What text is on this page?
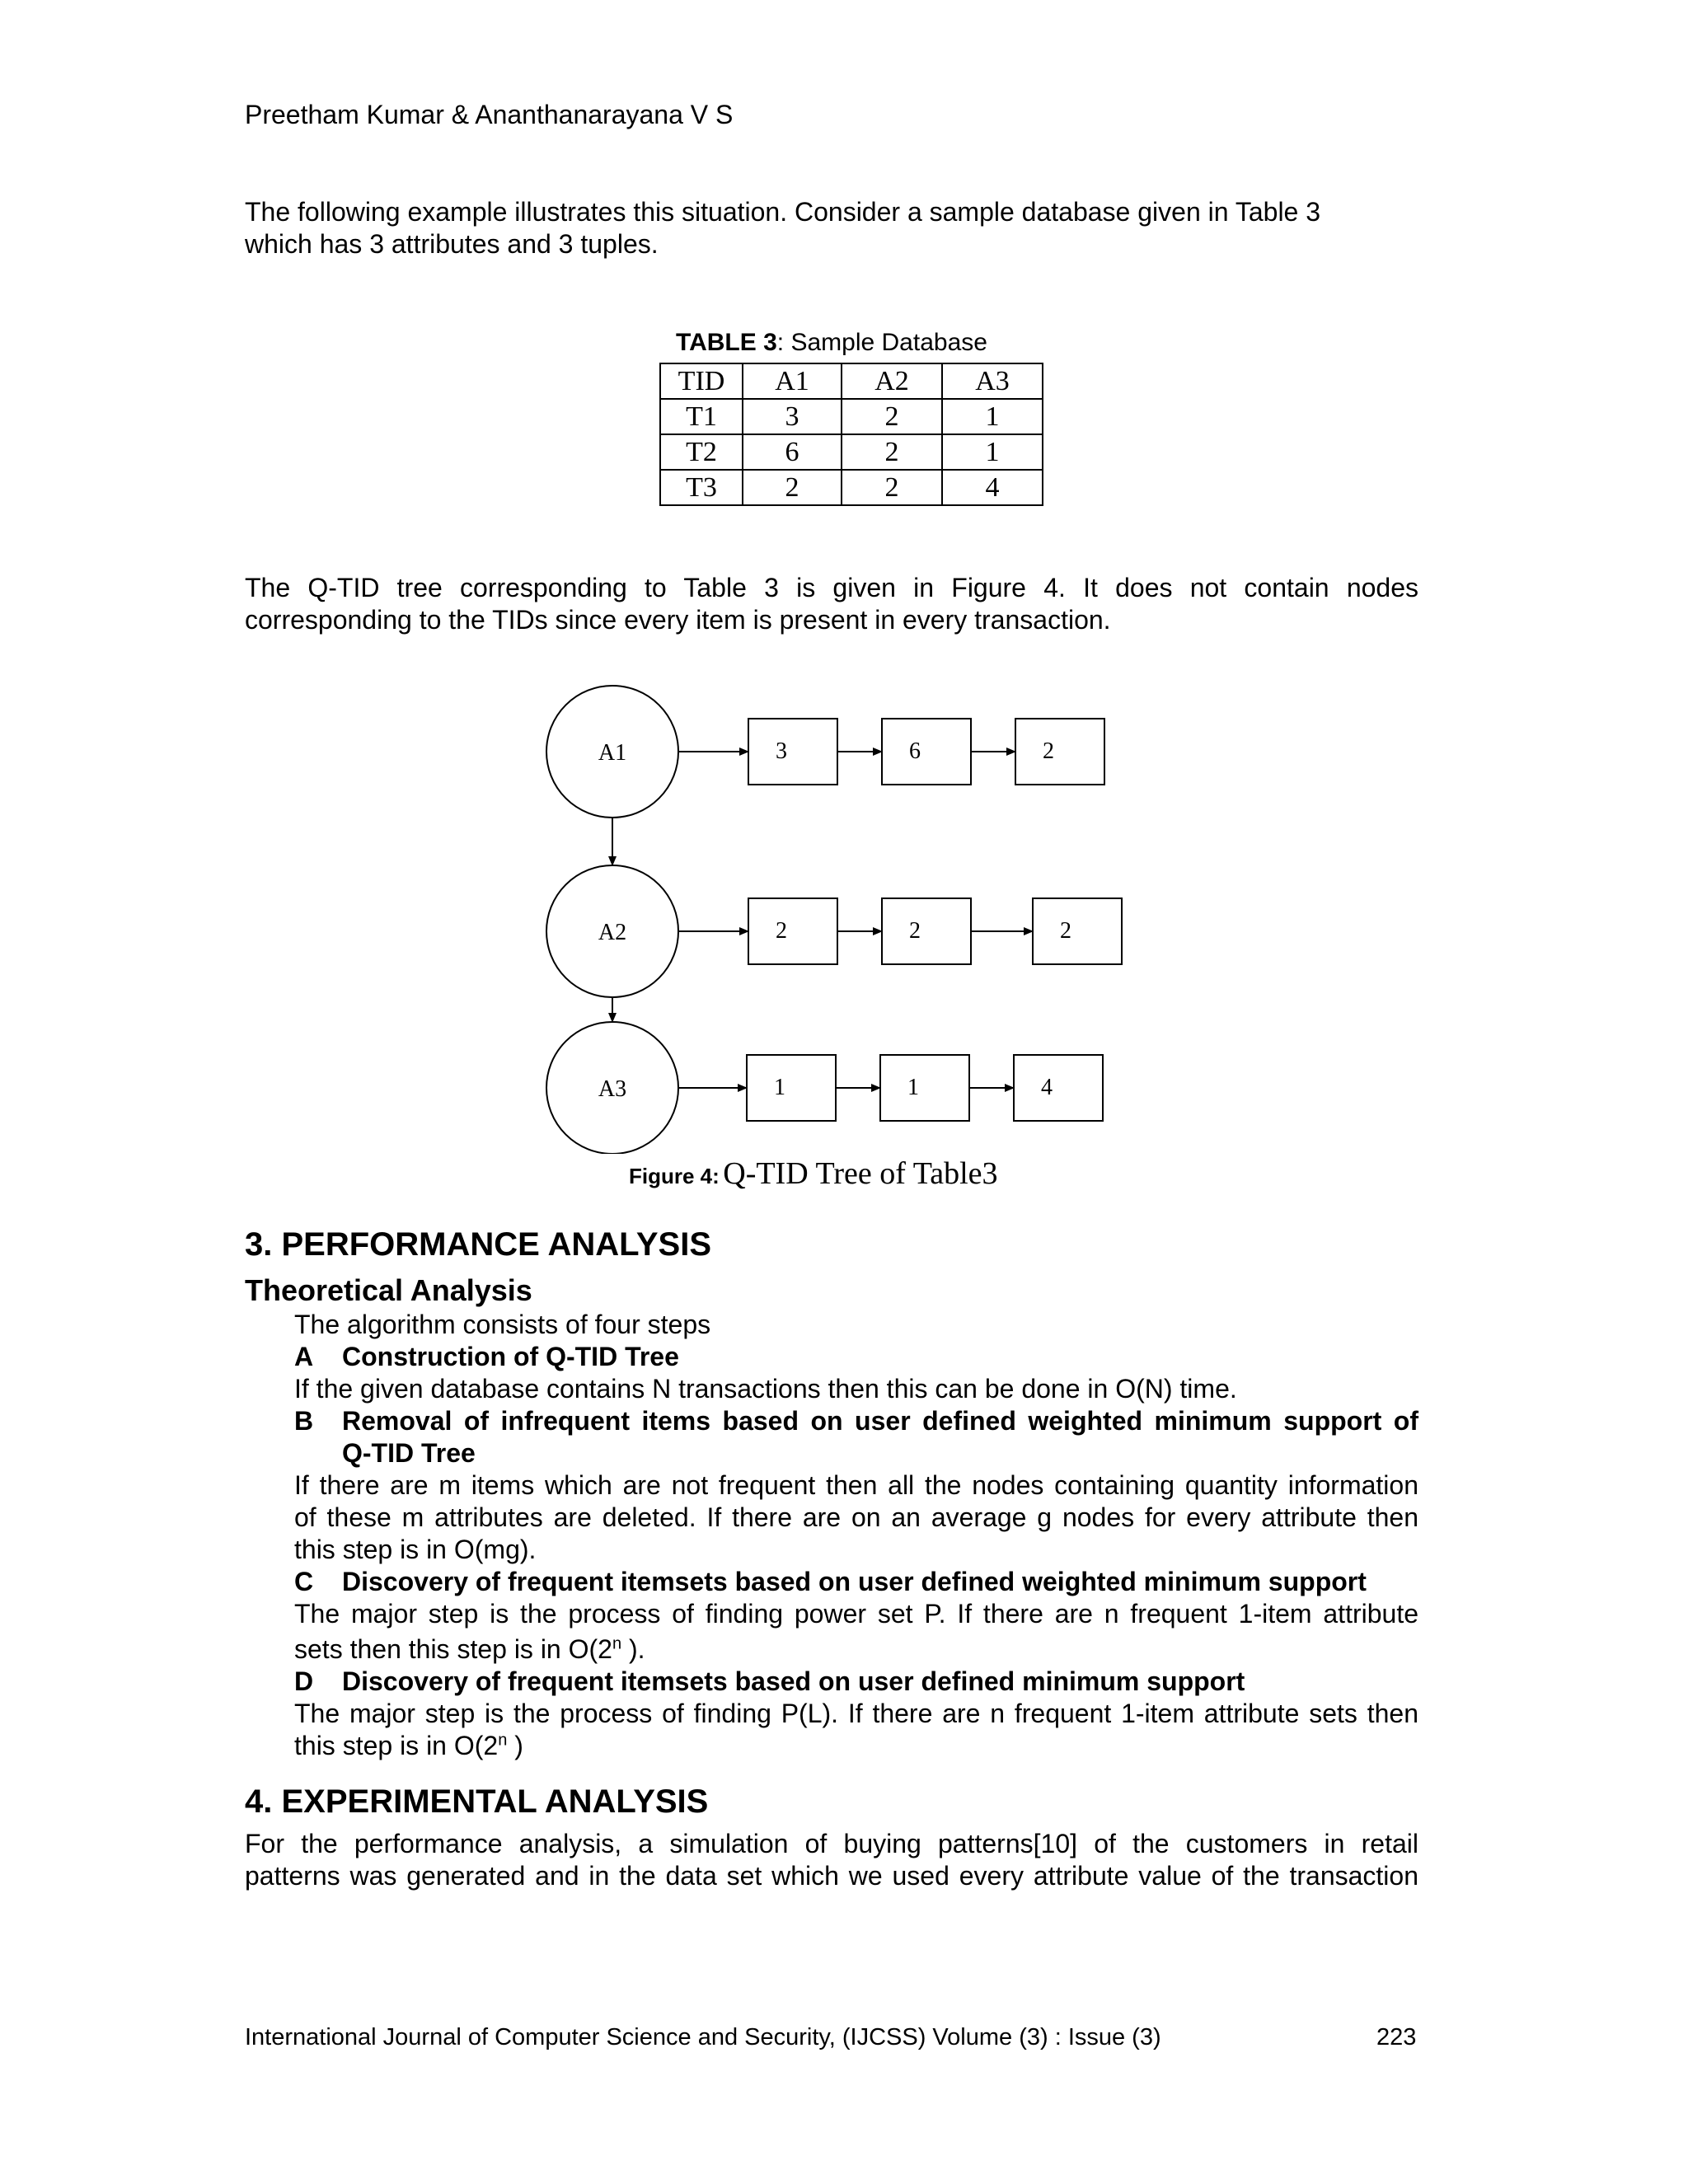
Preetham Kumar & Ananthanarayana V S
The following example illustrates this situation. Consider a sample database given in Table 3
which has 3 attributes and 3 tuples.
TABLE 3: Sample Database
TID	A1	A2	A3
T1	3	2	1
T2	6	2	1
T3	2	2	4
The Q-TID tree corresponding to Table 3 is given in Figure 4. It does not contain nodes
corresponding to the TIDs since every item is present in every transaction.
A1	3	6	2
A2	2	2	2
A3	1	1	4
Figure 4: Q-TID Tree of Table3
3. PERFORMANCE ANALYSIS
Theoretical Analysis
The algorithm consists of four steps
A Construction of Q-TID Tree
If the given database contains N transactions then this can be done in O(N) time.
B Removal of infrequent items based on user defined weighted minimum support of
Q-TID Tree
If there are m items which are not frequent then all the nodes containing quantity information
of these m attributes are deleted. If there are on an average g nodes for every attribute then
this step is in O(mg).
C Discovery of frequent itemsets based on user defined weighted minimum support
The major step is the process of finding power set P. If there are n frequent 1-item attribute
sets then this step is in O(2$^n$ ).
D Discovery of frequent itemsets based on user defined minimum support
The major step is the process of finding P(L). If there are n frequent 1-item attribute sets then
this step is in O(2$^n$ )
4. EXPERIMENTAL ANALYSIS
For the performance analysis, a simulation of buying patterns[10] of the customers in retail
patterns was generated and in the data set which we used every attribute value of the transaction
International Journal of Computer Science and Security, (IJCSS) Volume (3) : Issue (3)	223
